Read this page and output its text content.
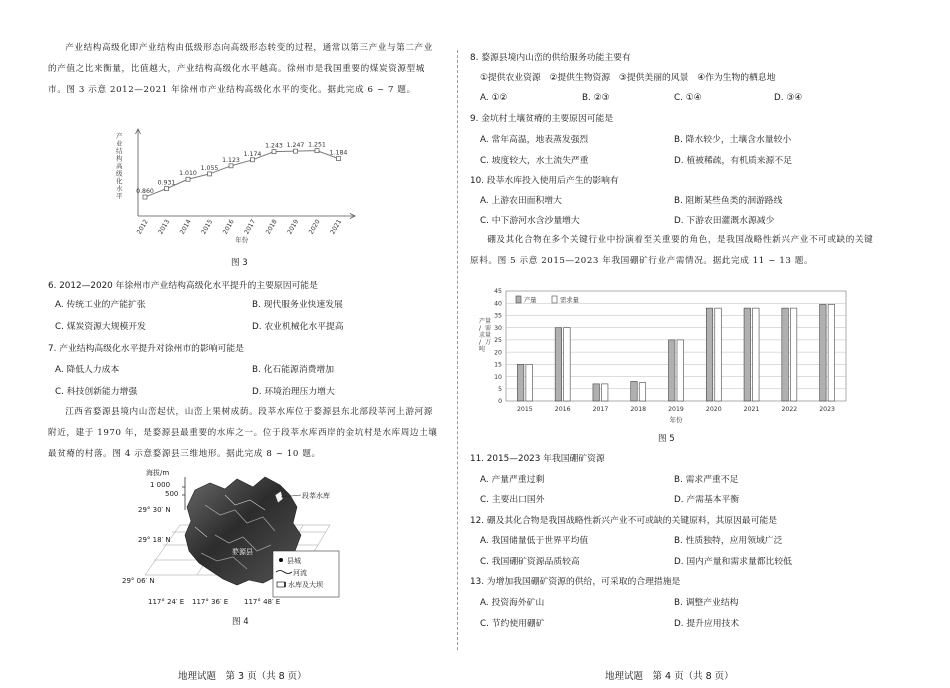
产业结构高级化即产业结构由低级形态向高级形态转变的过程，通常以第三产业与第二产业的产值之比来衡量，比值越大，产业结构高级化水平越高。徐州市是我国重要的煤炭资源型城市。图 3 示意 2012—2021 年徐州市产业结构高级化水平的变化。据此完成 6 ~ 7 题。
产业结构高级化水平
2012
0.860
2013
0.931
2014
1.010
2015
1.055
2016
1.123
2017
1.174
2018
1.243
2019
1.247
2020
1.251
2021
1.184
年份
图 3
6. 2012—2020 年徐州市产业结构高级化水平提升的主要原因可能是
A. 传统工业的产能扩张	B. 现代服务业快速发展
C. 煤炭资源大规模开发	D. 农业机械化水平提高
7. 产业结构高级化水平提升对徐州市的影响可能是
A. 降低人力成本	B. 化石能源消费增加
C. 科技创新能力增强	D. 环境治理压力增大
江西省婺源县境内山峦起伏，山峦上果树成荫。段莘水库位于婺源县东北部段莘河上游河源附近，建于 1970 年，是婺源县最重要的水库之一。位于段莘水库西岸的金坑村是水库周边土壤最贫瘠的村落。图 4 示意婺源县三维地形。据此完成 8 ~ 10 题。
海拔/m
1 000
500
29° 30′ N
29° 18′ N
29° 06′ N
117° 24′ E 117° 36′ E 117° 48′ E
段莘水库
婺源县
县城
河流
水库及大坝
图 4
地理试题　第 3 页（共 8 页）
8. 婺源县境内山峦的供给服务功能主要有
①提供农业资源　②提供生物资源　③提供美丽的风景　④作为生物的栖息地
A. ①②	B. ②③	C. ①④	D. ③④
9. 金坑村土壤贫瘠的主要原因可能是
A. 常年高温，地表蒸发强烈	B. 降水较少，土壤含水量较小
C. 坡度较大，水土流失严重	D. 植被稀疏，有机质来源不足
10. 段莘水库投入使用后产生的影响有
A. 上游农田面积增大	B. 阻断某些鱼类的洄游路线
C. 中下游河水含沙量增大	D. 下游农田灌溉水源减少
硼及其化合物在多个关键行业中扮演着至关重要的角色，是我国战略性新兴产业不可或缺的关键原料。图 5 示意 2015—2023 年我国硼矿行业产需情况。据此完成 11 ~ 13 题。
0
5
10
15
20
25
30
35
40
45
产量/ 需求量/ 万吨
2015	2016	2017	2018	2019	2020	2021	2022	2023
年份
产量	需求量
图 5
11. 2015—2023 年我国硼矿资源
A. 产量严重过剩	B. 需求严重不足
C. 主要出口国外	D. 产需基本平衡
12. 硼及其化合物是我国战略性新兴产业不可或缺的关键原料，其原因最可能是
A. 我国储量低于世界平均值	B. 性质独特，应用领域广泛
C. 我国硼矿资源品质较高	D. 国内产量和需求量都比较低
13. 为增加我国硼矿资源的供给，可采取的合理措施是
A. 投资海外矿山	B. 调整产业结构
C. 节约使用硼矿	D. 提升应用技术
地理试题　第 4 页（共 8 页）
